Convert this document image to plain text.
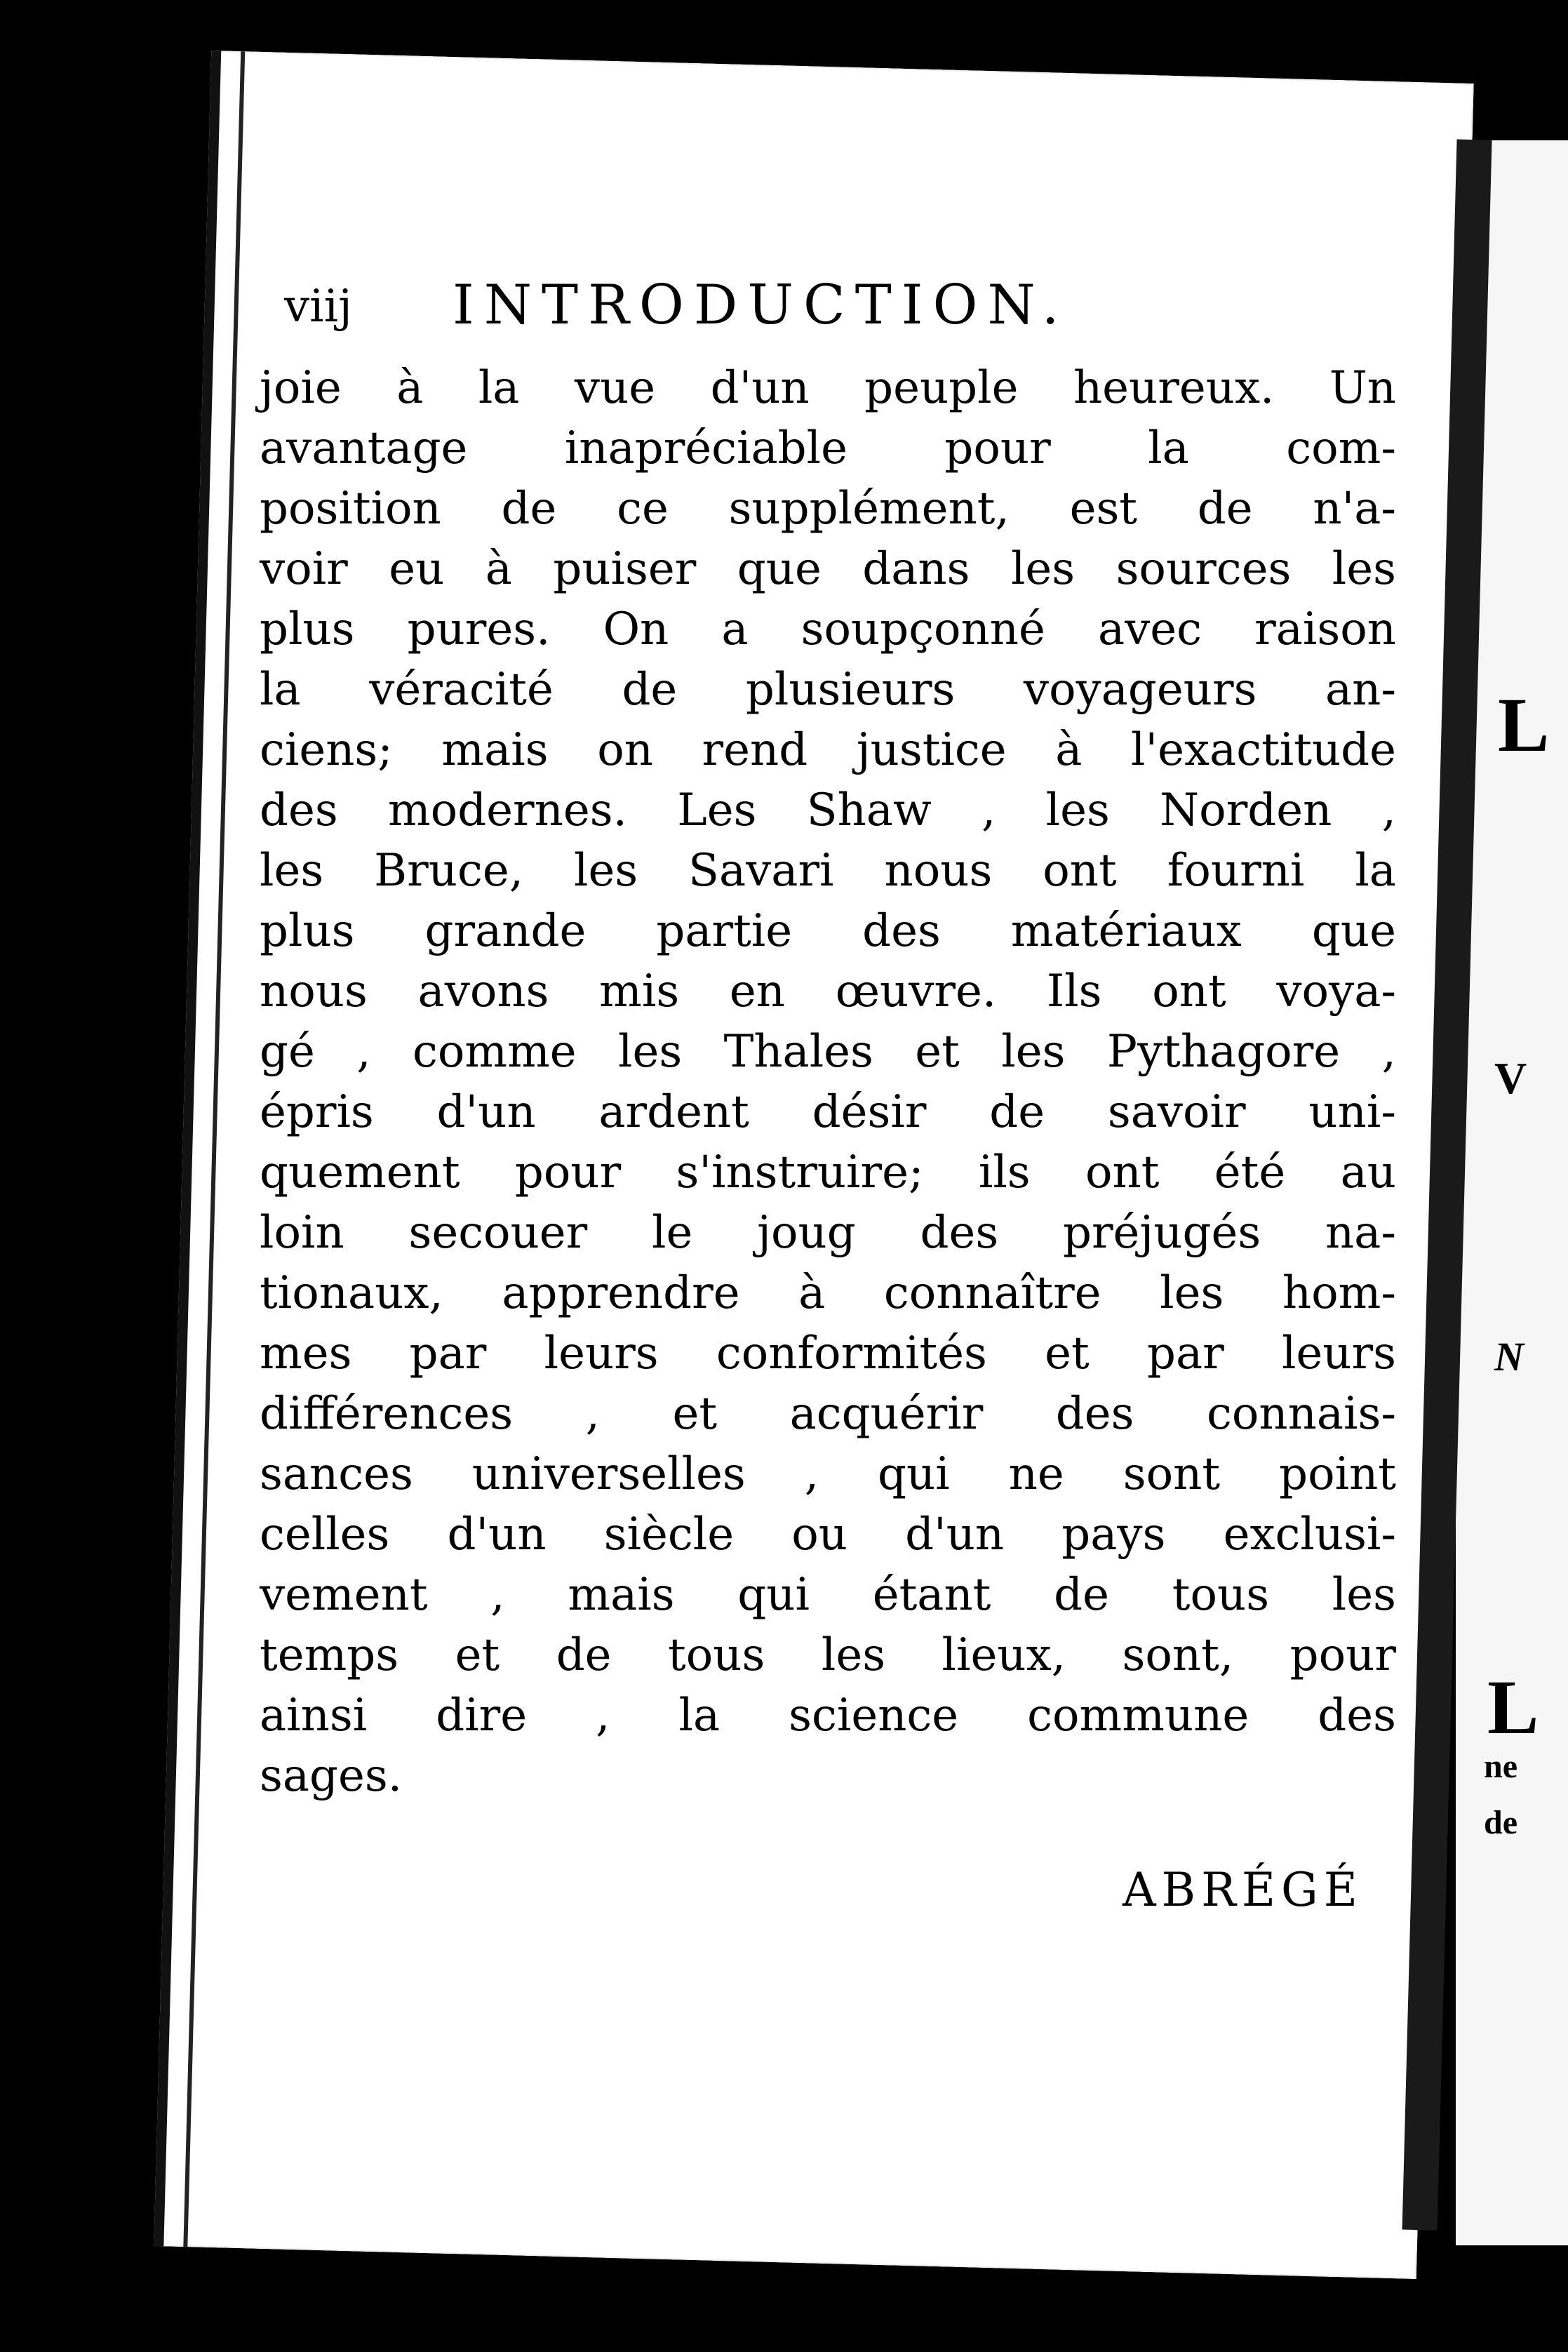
L
V
N
L
ne
de
viij INTRODUCTION.
joie à la vue d'un peuple heureux. Un
avantage inapréciable pour la com-
position de ce supplément, est de n'a-
voir eu à puiser que dans les sources les
plus pures. On a soupçonné avec raison
la véracité de plusieurs voyageurs an-
ciens; mais on rend justice à l'exactitude
des modernes. Les Shaw , les Norden ,
les Bruce, les Savari nous ont fourni la
plus grande partie des matériaux que
nous avons mis en œuvre. Ils ont voya-
gé , comme les Thales et les Pythagore ,
épris d'un ardent désir de savoir uni-
quement pour s'instruire; ils ont été au
loin secouer le joug des préjugés na-
tionaux, apprendre à connaître les hom-
mes par leurs conformités et par leurs
différences , et acquérir des connais-
sances universelles , qui ne sont point
celles d'un siècle ou d'un pays exclusi-
vement , mais qui étant de tous les
temps et de tous les lieux, sont, pour
ainsi dire , la science commune des
sages.
ABRÉGÉ
